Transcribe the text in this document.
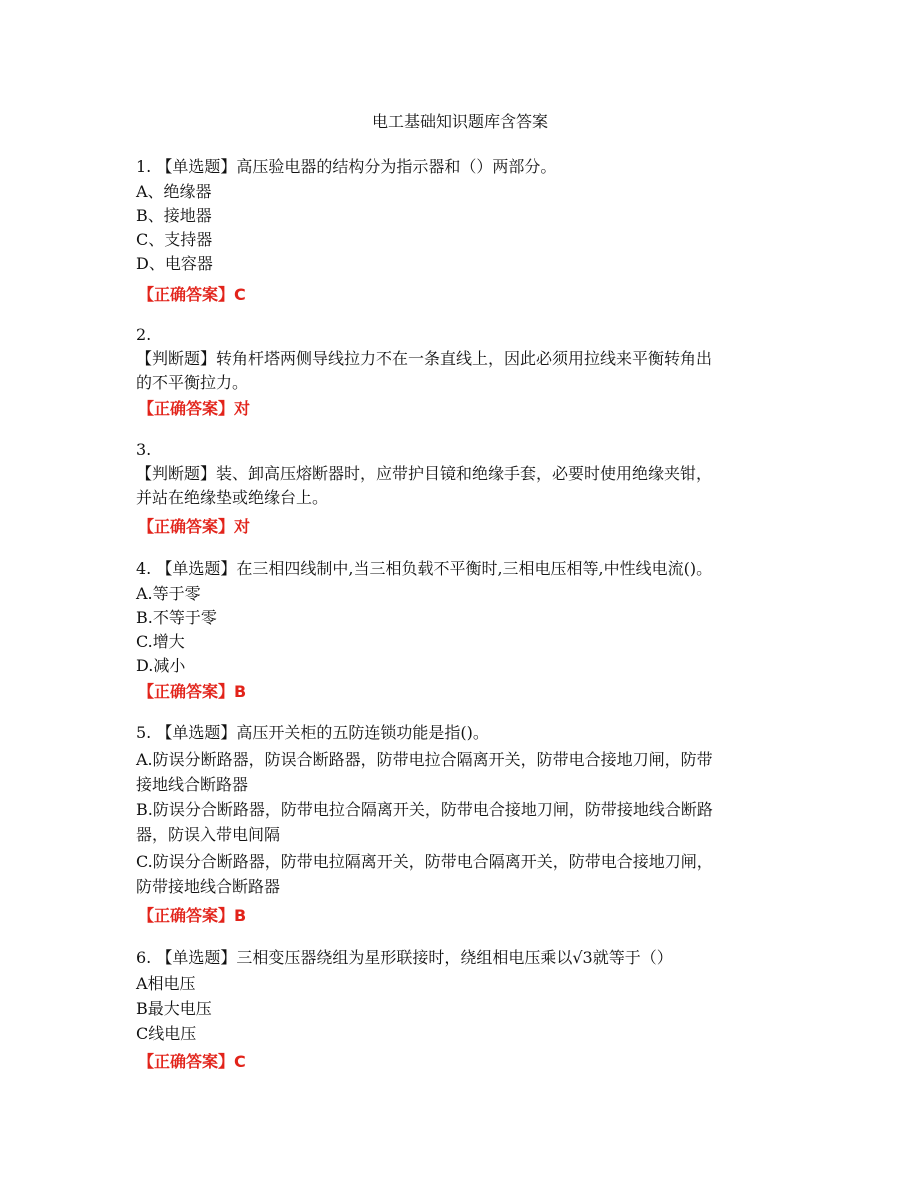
电工基础知识题库含答案
1. 【单选题】高压验电器的结构分为指示器和（）两部分。
A、绝缘器
B、接地器
C、支持器
D、电容器
【正确答案】C
2.
【判断题】转角杆塔两侧导线拉力不在一条直线上，因此必须用拉线来平衡转角出
的不平衡拉力。
【正确答案】对
3.
【判断题】装、卸高压熔断器时，应带护目镜和绝缘手套，必要时使用绝缘夹钳，
并站在绝缘垫或绝缘台上。
【正确答案】对
4. 【单选题】在三相四线制中,当三相负载不平衡时,三相电压相等,中性线电流()。
A.等于零
B.不等于零
C.增大
D.减小
【正确答案】B
5. 【单选题】高压开关柜的五防连锁功能是指()。
A.防误分断路器，防误合断路器，防带电拉合隔离开关，防带电合接地刀闸，防带
接地线合断路器
B.防误分合断路器，防带电拉合隔离开关，防带电合接地刀闸，防带接地线合断路
器，防误入带电间隔
C.防误分合断路器，防带电拉隔离开关，防带电合隔离开关，防带电合接地刀闸，
防带接地线合断路器
【正确答案】B
6. 【单选题】三相变压器绕组为星形联接时，绕组相电压乘以√3就等于（）
A相电压
B最大电压
C线电压
【正确答案】C
